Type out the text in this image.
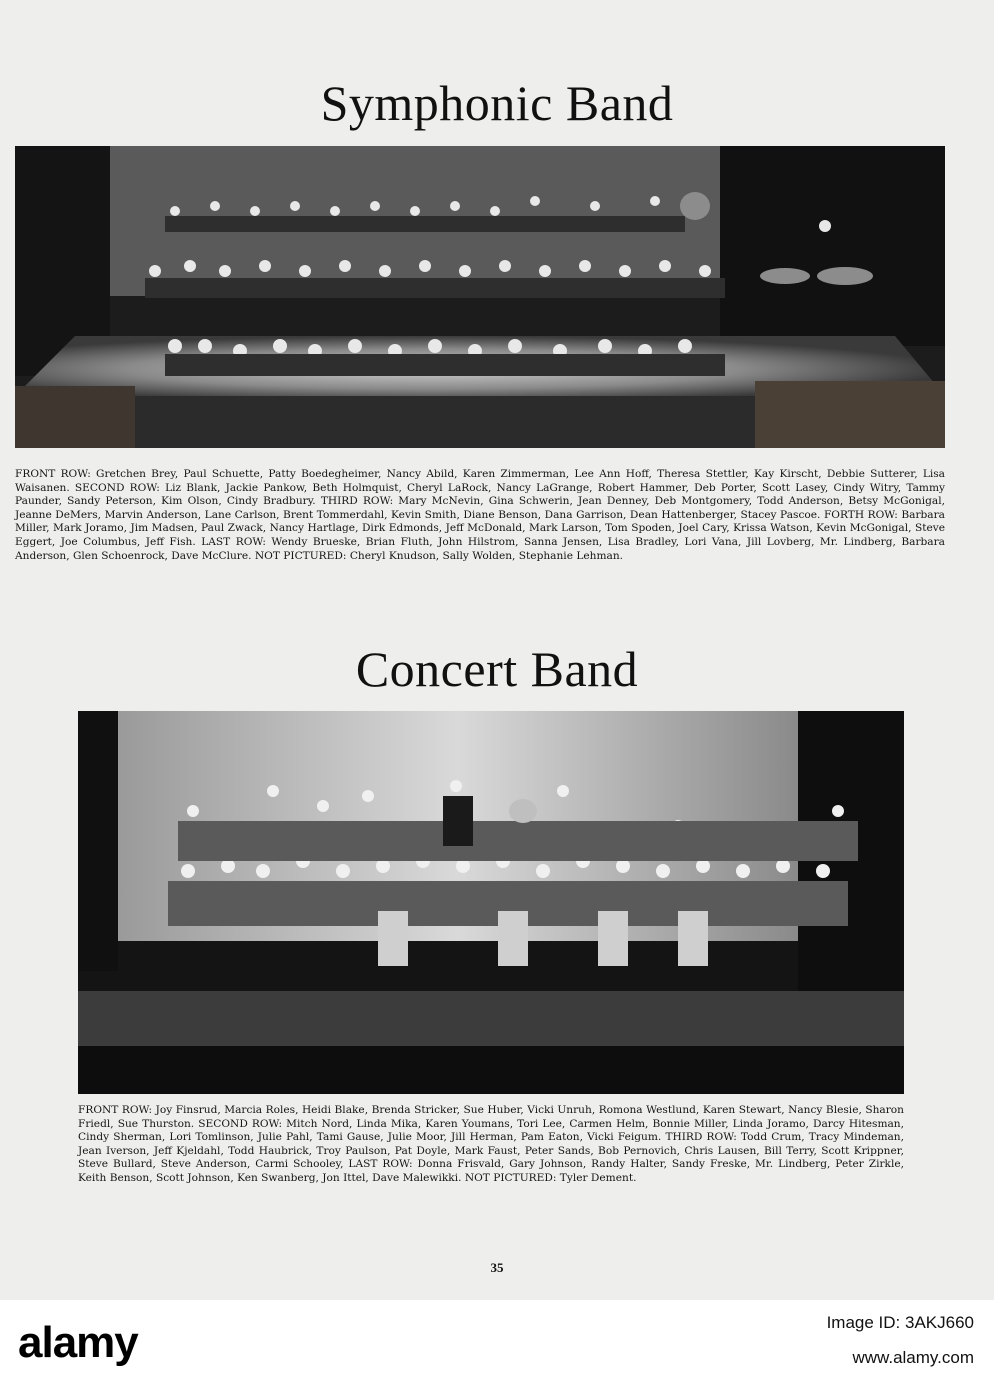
Symphonic Band
FRONT ROW: Gretchen Brey, Paul Schuette, Patty Boedegheimer, Nancy Abild, Karen Zimmerman, Lee Ann Hoff, Theresa Stettler, Kay Kirscht, Debbie Sutterer, Lisa Waisanen. SECOND ROW: Liz Blank, Jackie Pankow, Beth Holmquist, Cheryl LaRock, Nancy LaGrange, Robert Hammer, Deb Porter, Scott Lasey, Cindy Witry, Tammy Paunder, Sandy Peterson, Kim Olson, Cindy Bradbury. THIRD ROW: Mary McNevin, Gina Schwerin, Jean Denney, Deb Montgomery, Todd Anderson, Betsy McGonigal, Jeanne DeMers, Marvin Anderson, Lane Carlson, Brent Tommerdahl, Kevin Smith, Diane Benson, Dana Garrison, Dean Hattenberger, Stacey Pascoe. FORTH ROW: Barbara Miller, Mark Joramo, Jim Madsen, Paul Zwack, Nancy Hartlage, Dirk Edmonds, Jeff McDonald, Mark Larson, Tom Spoden, Joel Cary, Krissa Watson, Kevin McGonigal, Steve Eggert, Joe Columbus, Jeff Fish. LAST ROW: Wendy Brueske, Brian Fluth, John Hilstrom, Sanna Jensen, Lisa Bradley, Lori Vana, Jill Lovberg, Mr. Lindberg, Barbara Anderson, Glen Schoenrock, Dave McClure. NOT PICTURED: Cheryl Knudson, Sally Wolden, Stephanie Lehman.
Concert Band
FRONT ROW: Joy Finsrud, Marcia Roles, Heidi Blake, Brenda Stricker, Sue Huber, Vicki Unruh, Romona Westlund, Karen Stewart, Nancy Blesie, Sharon Friedl, Sue Thurston. SECOND ROW: Mitch Nord, Linda Mika, Karen Youmans, Tori Lee, Carmen Helm, Bonnie Miller, Linda Joramo, Darcy Hitesman, Cindy Sherman, Lori Tomlinson, Julie Pahl, Tami Gause, Julie Moor, Jill Herman, Pam Eaton, Vicki Feigum. THIRD ROW: Todd Crum, Tracy Mindeman, Jean Iverson, Jeff Kjeldahl, Todd Haubrick, Troy Paulson, Pat Doyle, Mark Faust, Peter Sands, Bob Pernovich, Chris Lausen, Bill Terry, Scott Krippner, Steve Bullard, Steve Anderson, Carmi Schooley, LAST ROW: Donna Frisvald, Gary Johnson, Randy Halter, Sandy Freske, Mr. Lindberg, Peter Zirkle, Keith Benson, Scott Johnson, Ken Swanberg, Jon Ittel, Dave Malewikki. NOT PICTURED: Tyler Dement.
35
alamy	Image ID: 3AKJ660
www.alamy.com
